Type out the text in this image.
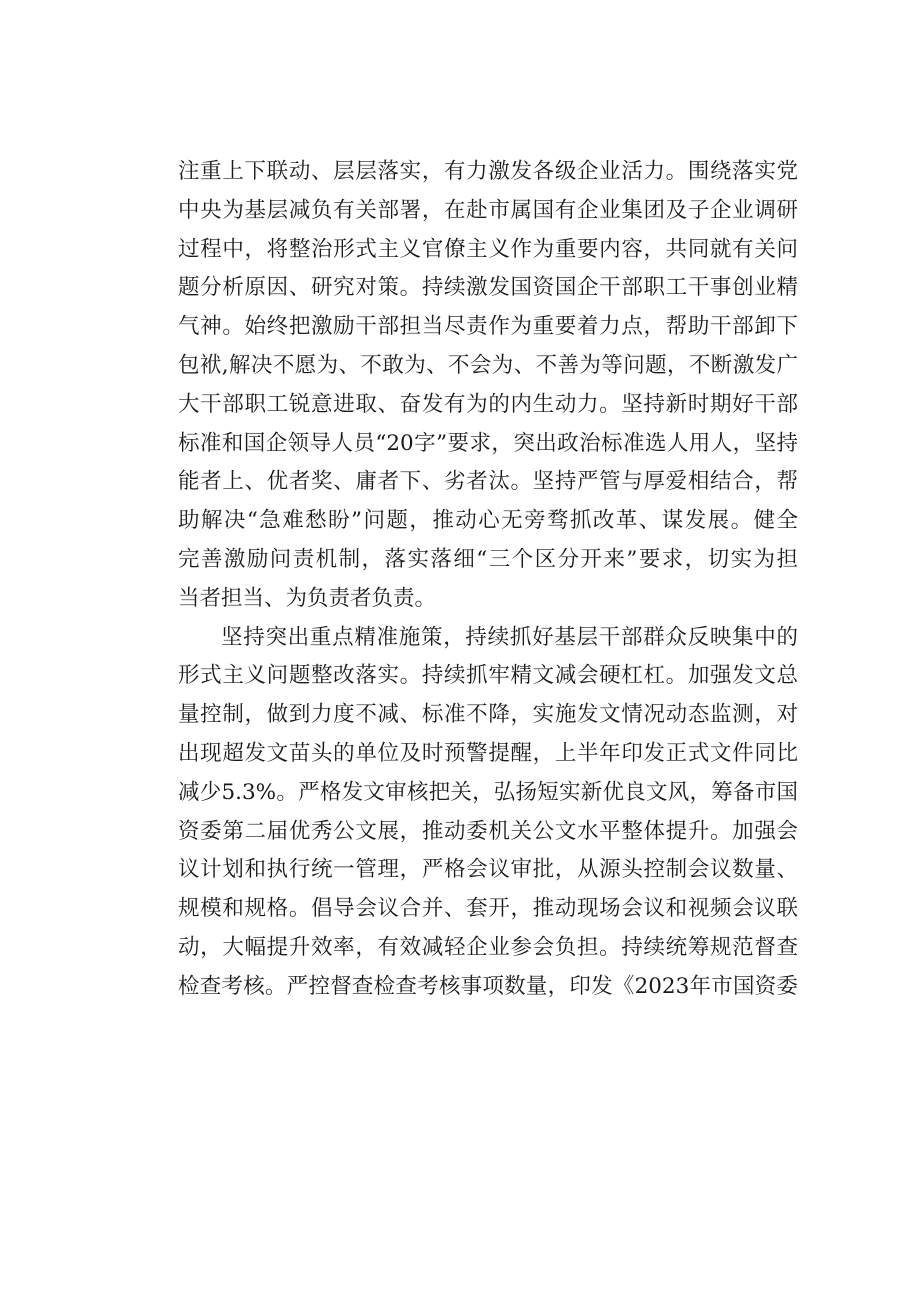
注重上下联动、层层落实，有力激发各级企业活力。围绕落实党
中央为基层减负有关部署，在赴市属国有企业集团及子企业调研
过程中，将整治形式主义官僚主义作为重要内容，共同就有关问
题分析原因、研究对策。持续激发国资国企干部职工干事创业精
气神。始终把激励干部担当尽责作为重要着力点，帮助干部卸下
包袱,解决不愿为、不敢为、不会为、不善为等问题，不断激发广
大干部职工锐意进取、奋发有为的内生动力。坚持新时期好干部
标准和国企领导人员“20字”要求，突出政治标准选人用人，坚持
能者上、优者奖、庸者下、劣者汰。坚持严管与厚爱相结合，帮
助解决“急难愁盼”问题，推动心无旁骛抓改革、谋发展。健全
完善激励问责机制，落实落细“三个区分开来”要求，切实为担
当者担当、为负责者负责。
坚持突出重点精准施策，持续抓好基层干部群众反映集中的
形式主义问题整改落实。持续抓牢精文减会硬杠杠。加强发文总
量控制，做到力度不减、标准不降，实施发文情况动态监测，对
出现超发文苗头的单位及时预警提醒，上半年印发正式文件同比
减少5.3%。严格发文审核把关，弘扬短实新优良文风，筹备市国
资委第二届优秀公文展，推动委机关公文水平整体提升。加强会
议计划和执行统一管理，严格会议审批，从源头控制会议数量、
规模和规格。倡导会议合并、套开，推动现场会议和视频会议联
动，大幅提升效率，有效减轻企业参会负担。持续统筹规范督查
检查考核。严控督查检查考核事项数量，印发《2023年市国资委
